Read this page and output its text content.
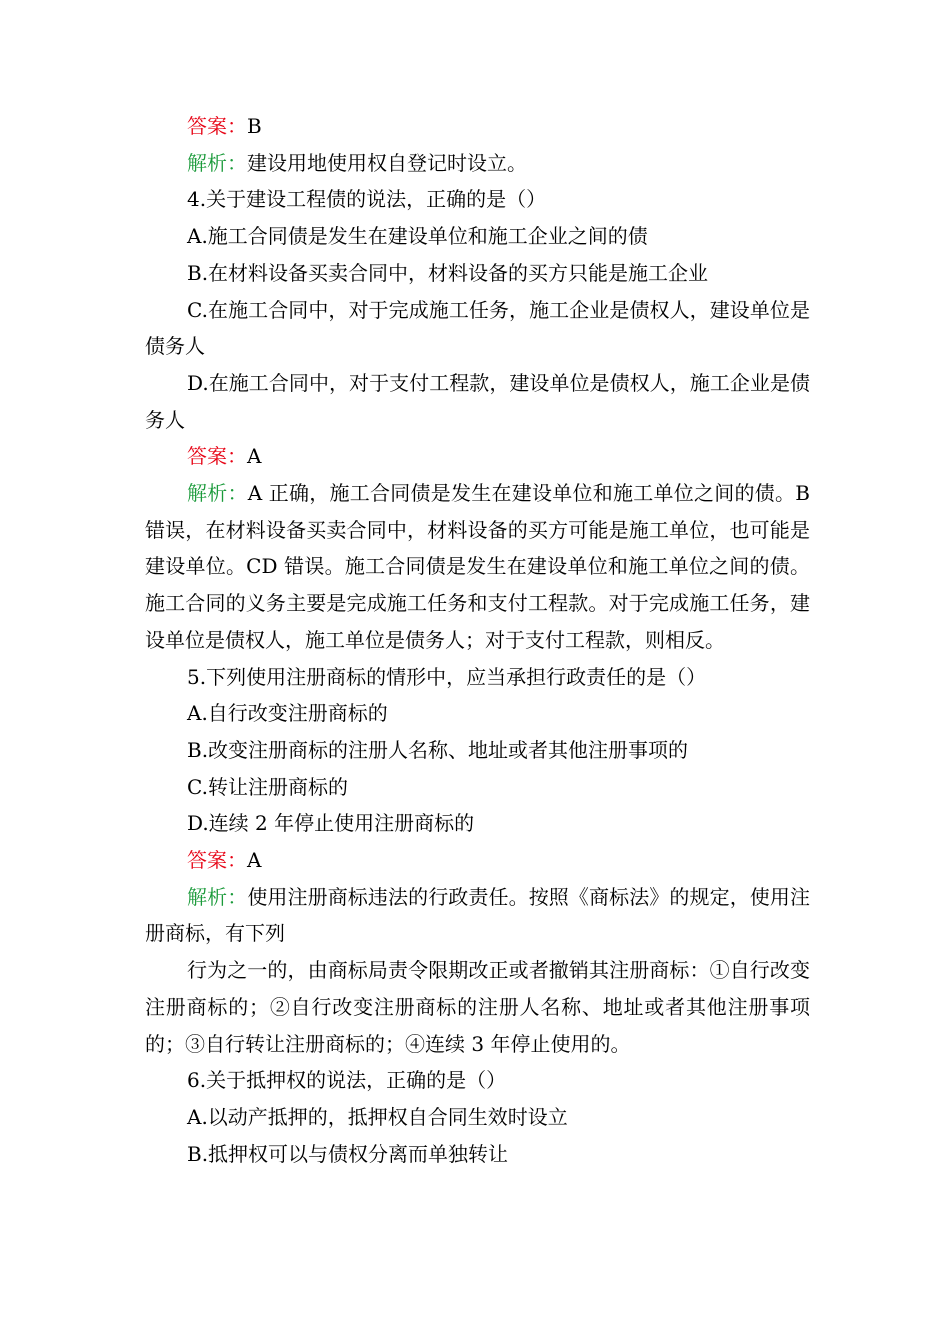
答案：B

解析：建设用地使用权自登记时设立。

4.关于建设工程债的说法，正确的是（）

A.施工合同债是发生在建设单位和施工企业之间的债

B.在材料设备买卖合同中，材料设备的买方只能是施工企业

C.在施工合同中，对于完成施工任务，施工企业是债权人，建设单位是债务人

D.在施工合同中，对于支付工程款，建设单位是债权人，施工企业是债务人

答案：A

解析：A 正确，施工合同债是发生在建设单位和施工单位之间的债。B 错误，在材料设备买卖合同中，材料设备的买方可能是施工单位，也可能是建设单位。CD 错误。施工合同债是发生在建设单位和施工单位之间的债。施工合同的义务主要是完成施工任务和支付工程款。对于完成施工任务，建设单位是债权人，施工单位是债务人；对于支付工程款，则相反。

5.下列使用注册商标的情形中，应当承担行政责任的是（）

A.自行改变注册商标的

B.改变注册商标的注册人名称、地址或者其他注册事项的

C.转让注册商标的

D.连续 2 年停止使用注册商标的

答案：A

解析：使用注册商标违法的行政责任。按照《商标法》的规定，使用注册商标，有下列

行为之一的，由商标局责令限期改正或者撤销其注册商标：①自行改变注册商标的；②自行改变注册商标的注册人名称、地址或者其他注册事项的；③自行转让注册商标的；④连续 3 年停止使用的。

6.关于抵押权的说法，正确的是（）

A.以动产抵押的，抵押权自合同生效时设立

B.抵押权可以与债权分离而单独转让
